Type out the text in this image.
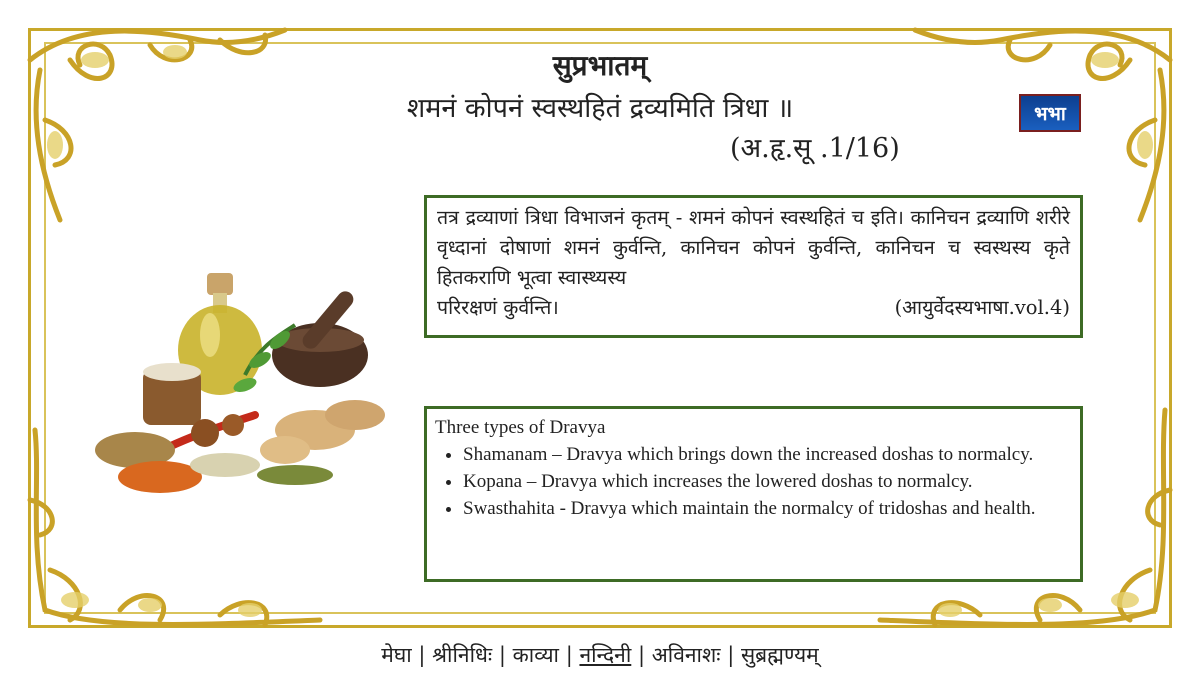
सुप्रभातम्
शमनं कोपनं स्वस्थहितं द्रव्यमिति त्रिधा ॥
(अ.हृ.सू .1/16)
भभा

तत्र द्रव्याणां त्रिधा विभाजनं कृतम् - शमनं कोपनं स्वस्थहितं च इति। कानिचन द्रव्याणि शरीरे वृध्दानां दोषाणां शमनं कुर्वन्ति, कानिचन कोपनं कुर्वन्ति, कानिचन च स्वस्थस्य कृते हितकराणि भूत्वा स्वास्थ्यस्य

परिरक्षणं कुर्वन्ति।	(आयुर्वेदस्यभाषा.vol.4)
Three types of Dravya
• Shamanam – Dravya which brings down the increased doshas to normalcy.
• Kopana – Dravya which increases the lowered doshas to normalcy.
• Swasthahita - Dravya which maintain the normalcy of tridoshas and health.
मेघा | श्रीनिधिः | काव्या | नन्दिनी | अविनाशः | सुब्रह्मण्यम्
